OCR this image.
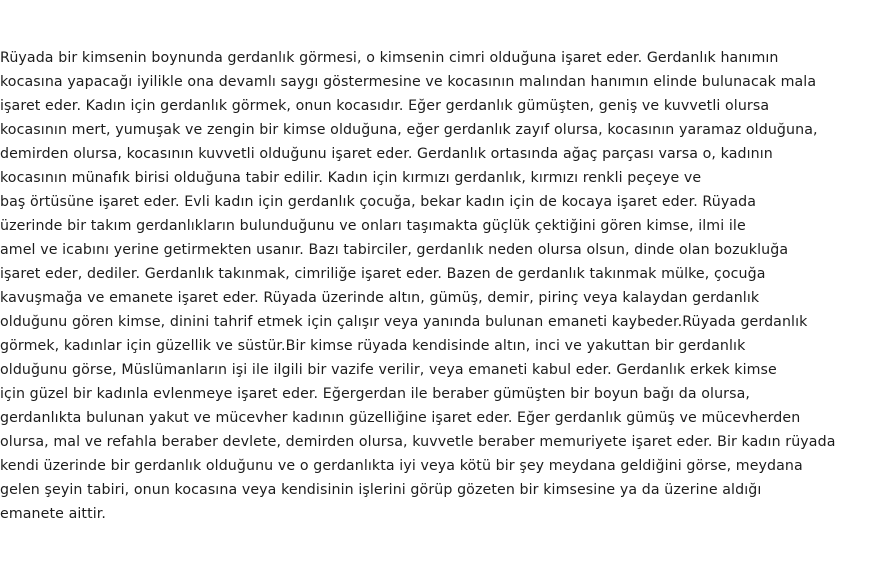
Rüyada bir kimsenin boynunda gerdanlık görmesi, o kimsenin cimri olduğuna işaret eder. Gerdanlık hanımın
kocasına yapacağı iyilikle ona devamlı saygı göstermesine ve kocasının malından hanımın elinde bulunacak mala
işaret eder. Kadın için gerdanlık görmek, onun kocasıdır. Eğer gerdanlık gümüşten, geniş ve kuvvetli olursa
kocasının mert, yumuşak ve zengin bir kimse olduğuna, eğer gerdanlık zayıf olursa, kocasının yaramaz olduğuna,
demirden olursa, kocasının kuvvetli olduğunu işaret eder. Gerdanlık ortasında ağaç parçası varsa o, kadının
kocasının münafık birisi olduğuna tabir edilir. Kadın için kırmızı gerdanlık, kırmızı renkli peçeye ve
baş örtüsüne işaret eder. Evli kadın için gerdanlık çocuğa, bekar kadın için de kocaya işaret eder. Rüyada
üzerinde bir takım gerdanlıkların bulunduğunu ve onları taşımakta güçlük çektiğini gören kimse, ilmi ile
amel ve icabını yerine getirmekten usanır. Bazı tabirciler, gerdanlık neden olursa olsun, dinde olan bozukluğa
işaret eder, dediler. Gerdanlık takınmak, cimriliğe işaret eder. Bazen de gerdanlık takınmak mülke, çocuğa
kavuşmağa ve emanete işaret eder. Rüyada üzerinde altın, gümüş, demir, pirinç veya kalaydan gerdanlık
olduğunu gören kimse, dinini tahrif etmek için çalışır veya yanında bulunan emaneti kaybeder.Rüyada gerdanlık
görmek, kadınlar için güzellik ve süstür.Bir kimse rüyada kendisinde altın, inci ve yakuttan bir gerdanlık
olduğunu görse, Müslümanların işi ile ilgili bir vazife verilir, veya emaneti kabul eder. Gerdanlık erkek kimse
için güzel bir kadınla evlenmeye işaret eder. Eğergerdan ile beraber gümüşten bir boyun bağı da olursa,
gerdanlıkta bulunan yakut ve mücevher kadının güzelliğine işaret eder. Eğer gerdanlık gümüş ve mücevherden
olursa, mal ve refahla beraber devlete, demirden olursa, kuvvetle beraber memuriyete işaret eder. Bir kadın rüyada
kendi üzerinde bir gerdanlık olduğunu ve o gerdanlıkta iyi veya kötü bir şey meydana geldiğini görse, meydana
gelen şeyin tabiri, onun kocasına veya kendisinin işlerini görüp gözeten bir kimsesine ya da üzerine aldığı
emanete aittir.
